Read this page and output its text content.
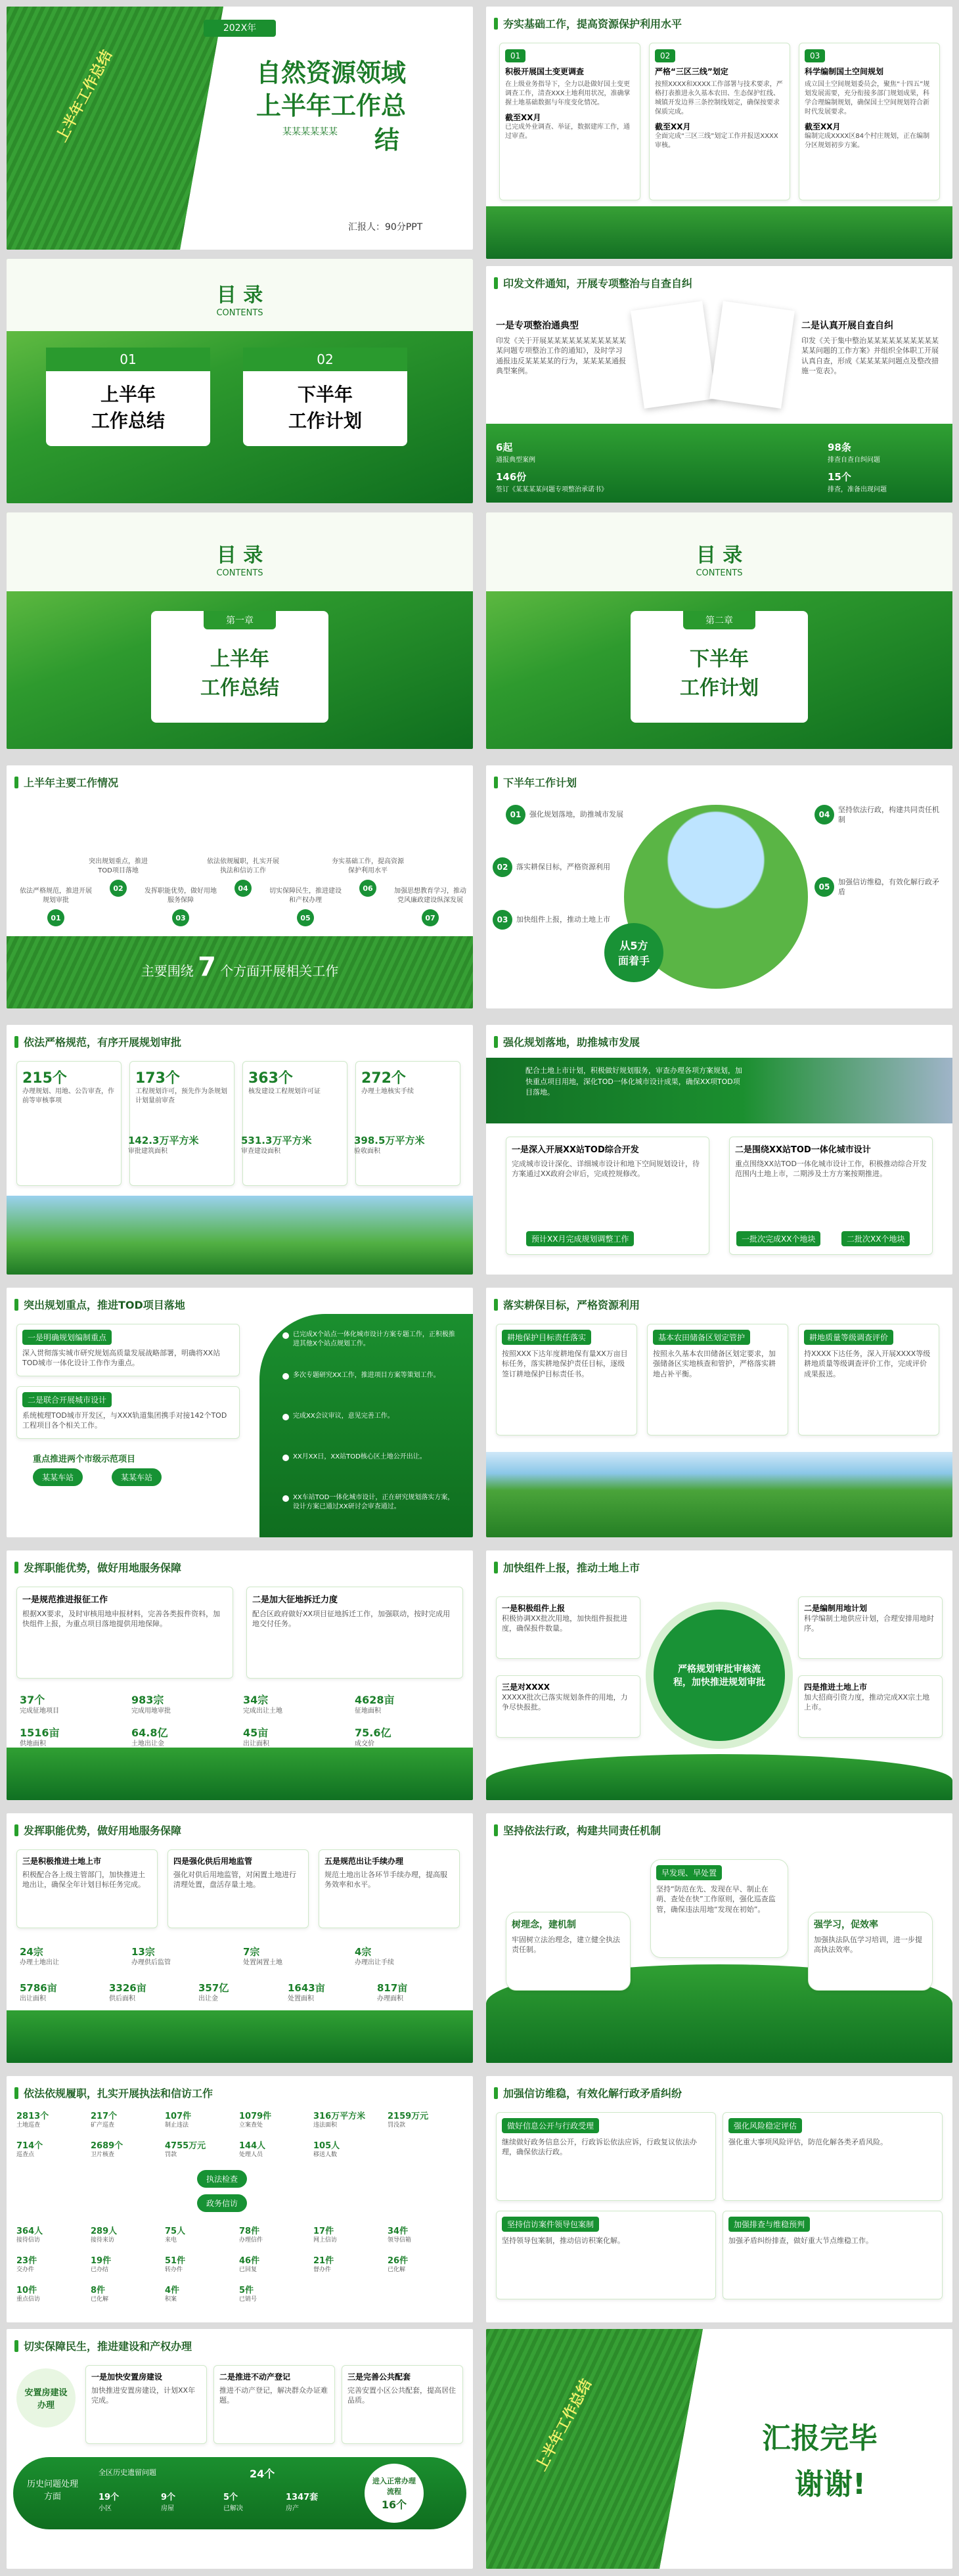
上半年工作总结
202X年
自然资源领域
上半年工作总
结
某某某某某某
汇报人：90分PPT
夯实基础工作，提高资源保护利用水平
01
积极开展国土变更调查
在上级业务指导下，全力以赴做好国土变更调查工作，清查XXX土地利用状况，准确掌握土地基础数据与年度变化情况。
截至XX月
已完成外业调查、举证，数据建库工作，通过审查。
02
严格“三区三线”划定
按照XXXX和XXXX工作部署与技术要求，严格打表推进永久基本农田、生态保护红线、城镇开发边界三条控制线划定，确保按要求保质完成。
截至XX月
全面完成“三区三线”划定工作并报送XXXX审核。
03
科学编制国土空间规划
成立国土空间规划委员会，聚焦“十四五”规划发展需要，充分衔接多部门规划成果，科学合理编制规划，确保国土空间规划符合新时代发展要求。
截至XX月
编制完成XXXX区84个村庄规划，正在编制分区规划初步方案。
目 录
CONTENTS
01
上半年
工作总结
02
下半年
工作计划
印发文件通知，开展专项整治与自查自纠
一是专项整治通典型
印发《关于开展某某某某某某某某某某某某问题专项整治工作的通知》，及时学习通报违反某某某某的行为，某某某某通报典型案例。
二是认真开展自查自纠
印发《关于集中整治某某某某某某某某某某某某问题的工作方案》并组织全体职工开展认真自查，形成《某某某某问题点及整改措施一览表》。
6起
通报典型案例
146份
签订《某某某某问题专项整治承诺书》
98条
排查自查自纠问题
15个
排查，准备出现问题
目 录
CONTENTS
第一章
上半年
工作总结
目 录
CONTENTS
第二章
下半年
工作计划
上半年主要工作情况
主要围绕 7 个方面开展相关工作
依法严格规范，推进开展规划审批
01
突出规划重点，推进TOD项目落地
02	发挥职能优势，做好用地服务保障
03
依法依规履职，扎实开展执法和信访工作
04	切实保障民生，推进建设和产权办理
05
夯实基础工作，提高资源保护利用水平
06	加强思想教育学习，推动党风廉政建设纵深发展
07
下半年工作计划
从5方
面着手
01	强化规划落地，助推城市发展
02	落实耕保目标，严格资源利用
03	加快组件上报，推动土地上市
04
坚持依法行政，构建共同责任机制
05
加强信访维稳，有效化解行政矛盾
依法严格规范，有序开展规划审批
215个
办理规划、用地、公告审查，作前等审核事项
173个
工程规划许可，预先作为条规划计划量前审查
363个
核发建设工程规划许可证
272个
办理土地核实手续
142.3万平方米
审批建筑面积
531.3万平方米
审查建设面积
398.5万平方米
验收面积
强化规划落地，助推城市发展
配合土地上市计划，积极做好规划服务，审查办理各项方案规划，加快重点项目用地，深化TOD一体化城市设计成果，确保XX项TOD项目落地。
一是深入开展XX站TOD综合开发
完成城市设计深化、详细城市设计和地下空间规划设计，待方案通过XX政府会审后，完成控规修改。
预计XX月完成规划调整工作
二是围绕XX站TOD一体化城市设计
重点围绕XX站TOD一体化城市设计工作，积极推动综合开发范围内土地上市，二期涉及土方方案按期推进。
一批次完成XX个地块	二批次XX个地块
突出规划重点，推进TOD项目落地
一是明确规划编制重点
深入贯彻落实城市研究规划高质量发展战略部署，明确将XX站TOD城市一体化设计工作作为重点。
二是联合开展城市设计
系统梳理TOD城市开发区，与XXX轨道集团携手对接142个TOD工程项目各个相关工作。
重点推进两个市级示范项目
某某车站	某某车站
已完成X个站点一体化城市设计方案专题工作，正积极推进其他X个站点规划工作。
多次专题研究XX工作，推进项目方案等策划工作。
完成XX会议审议，意见完善工作。
XX月XX日，XX站TOD核心区土地公开出让。
XX车站TOD一体化城市设计，正在研究规划落实方案，设计方案已通过XX研讨会审查通过。
落实耕保目标，严格资源利用
耕地保护目标责任落实
按照XXX下达年度耕地保有量XX万亩目标任务，落实耕地保护责任目标，逐级签订耕地保护目标责任书。
基本农田储备区划定管护
按照永久基本农田储备区划定要求，加强储备区实地核查和管护，严格落实耕地占补平衡。
耕地质量等级调查评价
持XXXX下达任务，深入开展XXXX等级耕地质量等级调查评价工作，完成评价成果报送。
发挥职能优势，做好用地服务保障
一是规范推进报征工作
根据XX要求，及时审核用地申报材料，完善各类报件资料，加快组件上报，为重点项目落地提供用地保障。
二是加大征地拆迁力度
配合区政府做好XX项目征地拆迁工作，加强联动，按时完成用地交付任务。
37个
完成征地项目
983宗
完成用地审批
34宗
完成出让土地
4628亩
征地面积
1516亩
供地面积
64.8亿
土地出让金
45亩
出让面积
75.6亿
成交价
加快组件上报，推动土地上市
严格规划审批审核流程，加快推进规划审批
一是积极组件上报
积极协调XX批次用地，加快组件报批进度，确保报件数量。
三是对XXXX
XXXXX批次已落实规划条件的用地，力争尽快报批。
二是编制用地计划
科学编制土地供应计划，合理安排用地时序。
四是推进土地上市
加大招商引资力度，推动完成XX宗土地上市。
发挥职能优势，做好用地服务保障
三是积极推进土地上市
积极配合各上级主管部门，加快推进土地出让，确保全年计划目标任务完成。
四是强化供后用地监管
强化对供后用地监管，对闲置土地进行清理处置，盘活存量土地。
五是规范出让手续办理
规范土地出让各环节手续办理，提高服务效率和水平。
24宗
办理土地出让
13宗
办理供后监管
7宗
处置闲置土地
4宗
办理出让手续
5786亩
出让面积
3326亩
供后面积
357亿
出让金
1643亩
处置面积
817亩
办理面积
坚持依法行政，构建共同责任机制
早发现、早处置
坚持“防范在先、发现在早、制止在萌、查处在快”工作原则，强化巡查监管，确保违法用地“发现在初始”。
树理念，建机制
牢固树立法治理念，建立健全执法责任制。
强学习，促效率
加强执法队伍学习培训，进一步提高执法效率。
依法依规履职，扎实开展执法和信访工作
2813个
土地巡查
217个
矿产巡查
107件
制止违法
1079件
立案查处
316万平方米
违法面积
2159万元
罚没款
714个
巡查点
2689个
卫片核查
4755万元
罚款
144人
处理人员
105人
移送人数
364人
接待信访
289人
接待来访
75人
来电
78件
办理信件
17件
网上信访
34件
领导信箱
23件
交办件
19件
已办结
51件
转办件
46件
已回复
21件
督办件
26件
已化解
10件
重点信访
8件
已化解
4件
积案
5件
已销号
执法检查
政务信访
加强信访维稳，有效化解行政矛盾纠纷
做好信息公开与行政受理
继续做好政务信息公开，行政诉讼依法应诉，行政复议依法办理，确保依法行政。
强化风险稳定评估
强化重大事项风险评估，防范化解各类矛盾风险。
坚持信访案件领导包案制
坚持领导包案制，推动信访积案化解。
加强排查与维稳预判
加强矛盾纠纷排查，做好重大节点维稳工作。
切实保障民生，推进建设和产权办理
安置房建设办理
一是加快安置房建设
加快推进安置房建设，计划XX年完成。
二是推进不动产登记
推进不动产登记，解决群众办证难题。
三是完善公共配套
完善安置小区公共配套，提高居住品质。
历史问题处理方面
全区历史遗留问题	24个
进入正常办理流程
16个
19个
小区
9个
房屋
5个
已解决
1347套
房产
上半年工作总结	汇报完毕
谢谢!
